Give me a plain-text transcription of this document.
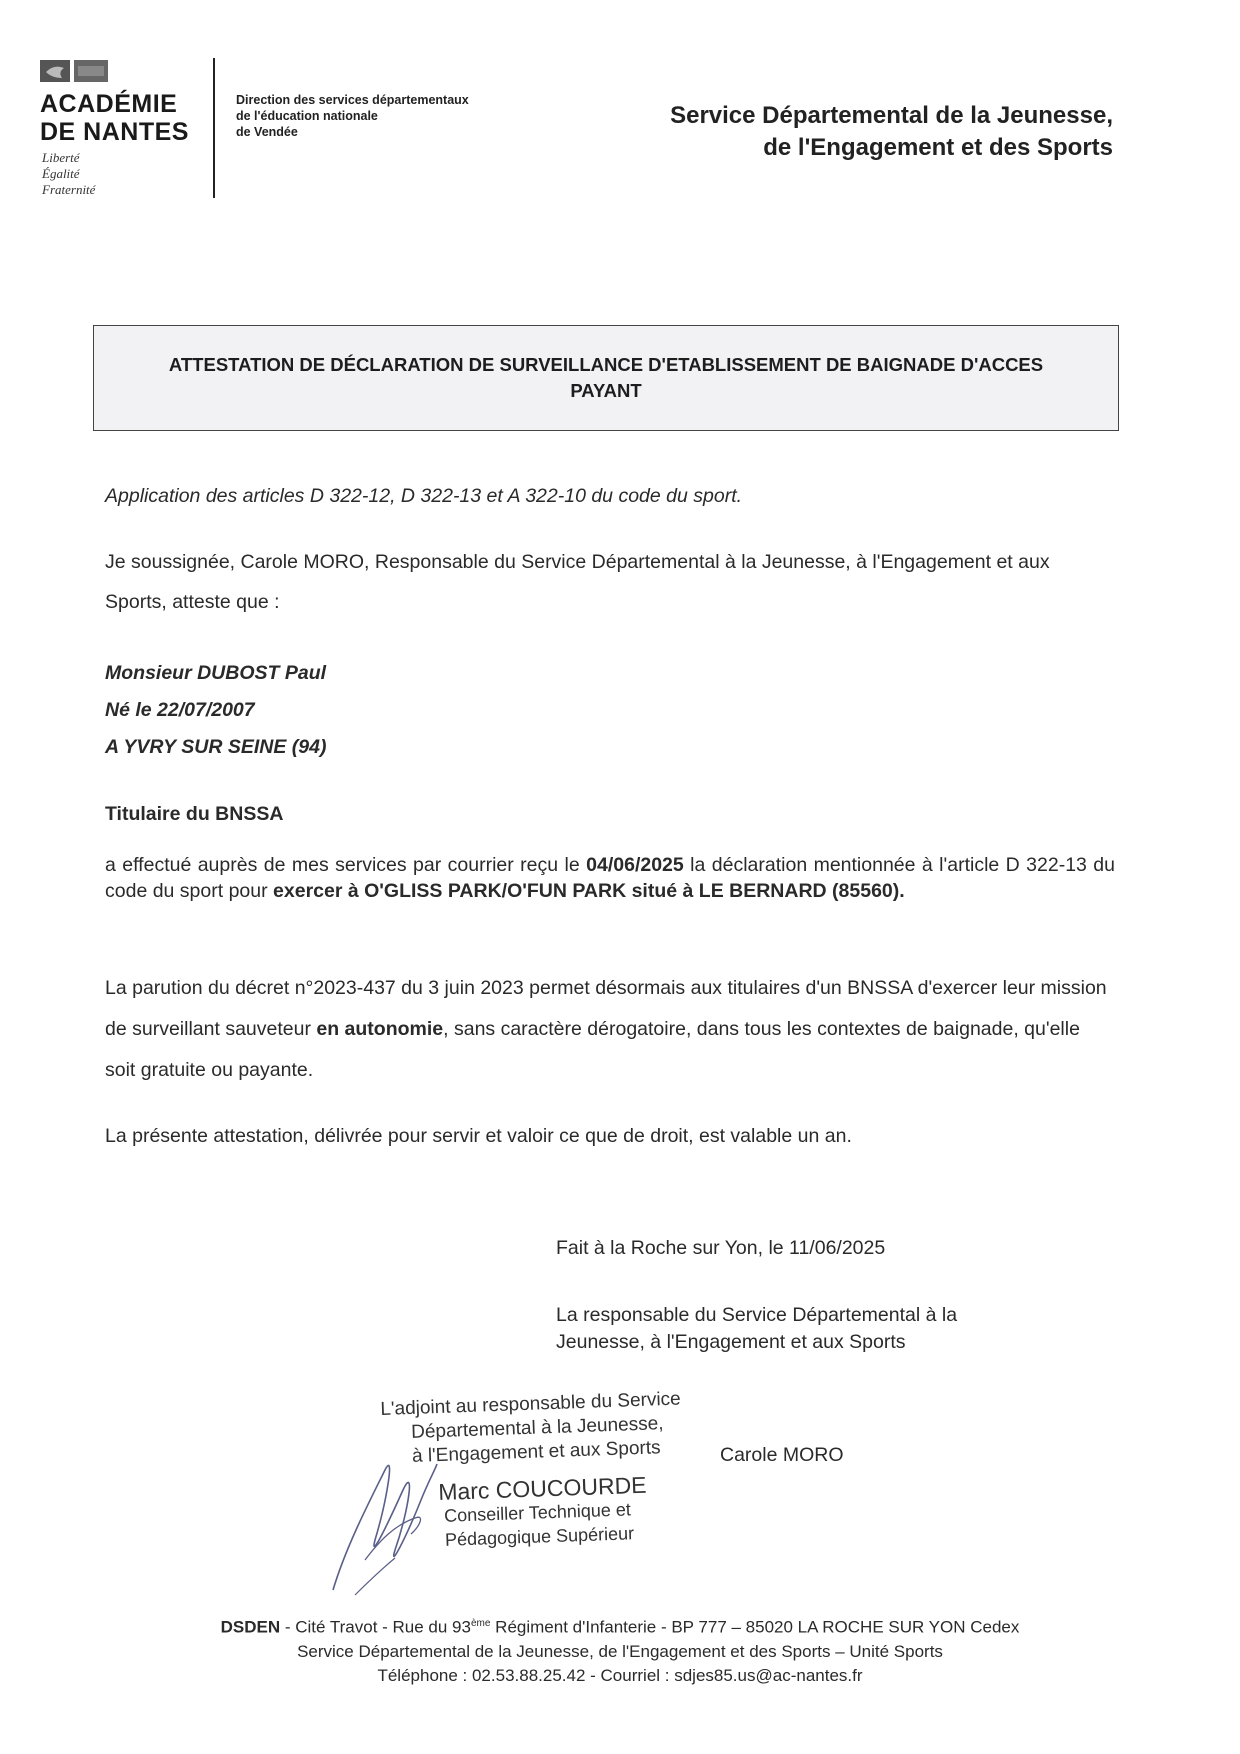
ACADÉMIE
DE NANTES
Liberté
Égalité
Fraternité
Direction des services départementaux
de l'éducation nationale
de Vendée
Service Départemental de la Jeunesse,
de l'Engagement et des Sports
ATTESTATION DE DÉCLARATION DE SURVEILLANCE D'ETABLISSEMENT DE BAIGNADE D'ACCES
PAYANT
Application des articles D 322-12, D 322-13 et A 322-10 du code du sport.
Je soussignée, Carole MORO, Responsable du Service Départemental à la Jeunesse, à l'Engagement et aux Sports, atteste que :
Monsieur DUBOST Paul
Né le 22/07/2007
A YVRY SUR SEINE (94)
Titulaire du BNSSA
a effectué auprès de mes services par courrier reçu le 04/06/2025 la déclaration mentionnée à l'article D 322-13 du code du sport pour exercer à O'GLISS PARK/O'FUN PARK situé à LE BERNARD (85560).
La parution du décret n°2023-437 du 3 juin 2023 permet désormais aux titulaires d'un BNSSA d'exercer leur mission de surveillant sauveteur en autonomie, sans caractère dérogatoire, dans tous les contextes de baignade, qu'elle soit gratuite ou payante.
La présente attestation, délivrée pour servir et valoir ce que de droit, est valable un an.
Fait à la Roche sur Yon, le 11/06/2025
La responsable du Service Départemental à la
Jeunesse, à l'Engagement et aux Sports
L'adjoint au responsable du Service
Départemental à la Jeunesse,
à l'Engagement et aux Sports
Marc COUCOURDE
Conseiller Technique et
Pédagogique Supérieur
Carole MORO
DSDEN - Cité Travot - Rue du 93ème Régiment d'Infanterie - BP 777 – 85020 LA ROCHE SUR YON Cedex
Service Départemental de la Jeunesse, de l'Engagement et des Sports – Unité Sports
Téléphone : 02.53.88.25.42 - Courriel : sdjes85.us@ac-nantes.fr
